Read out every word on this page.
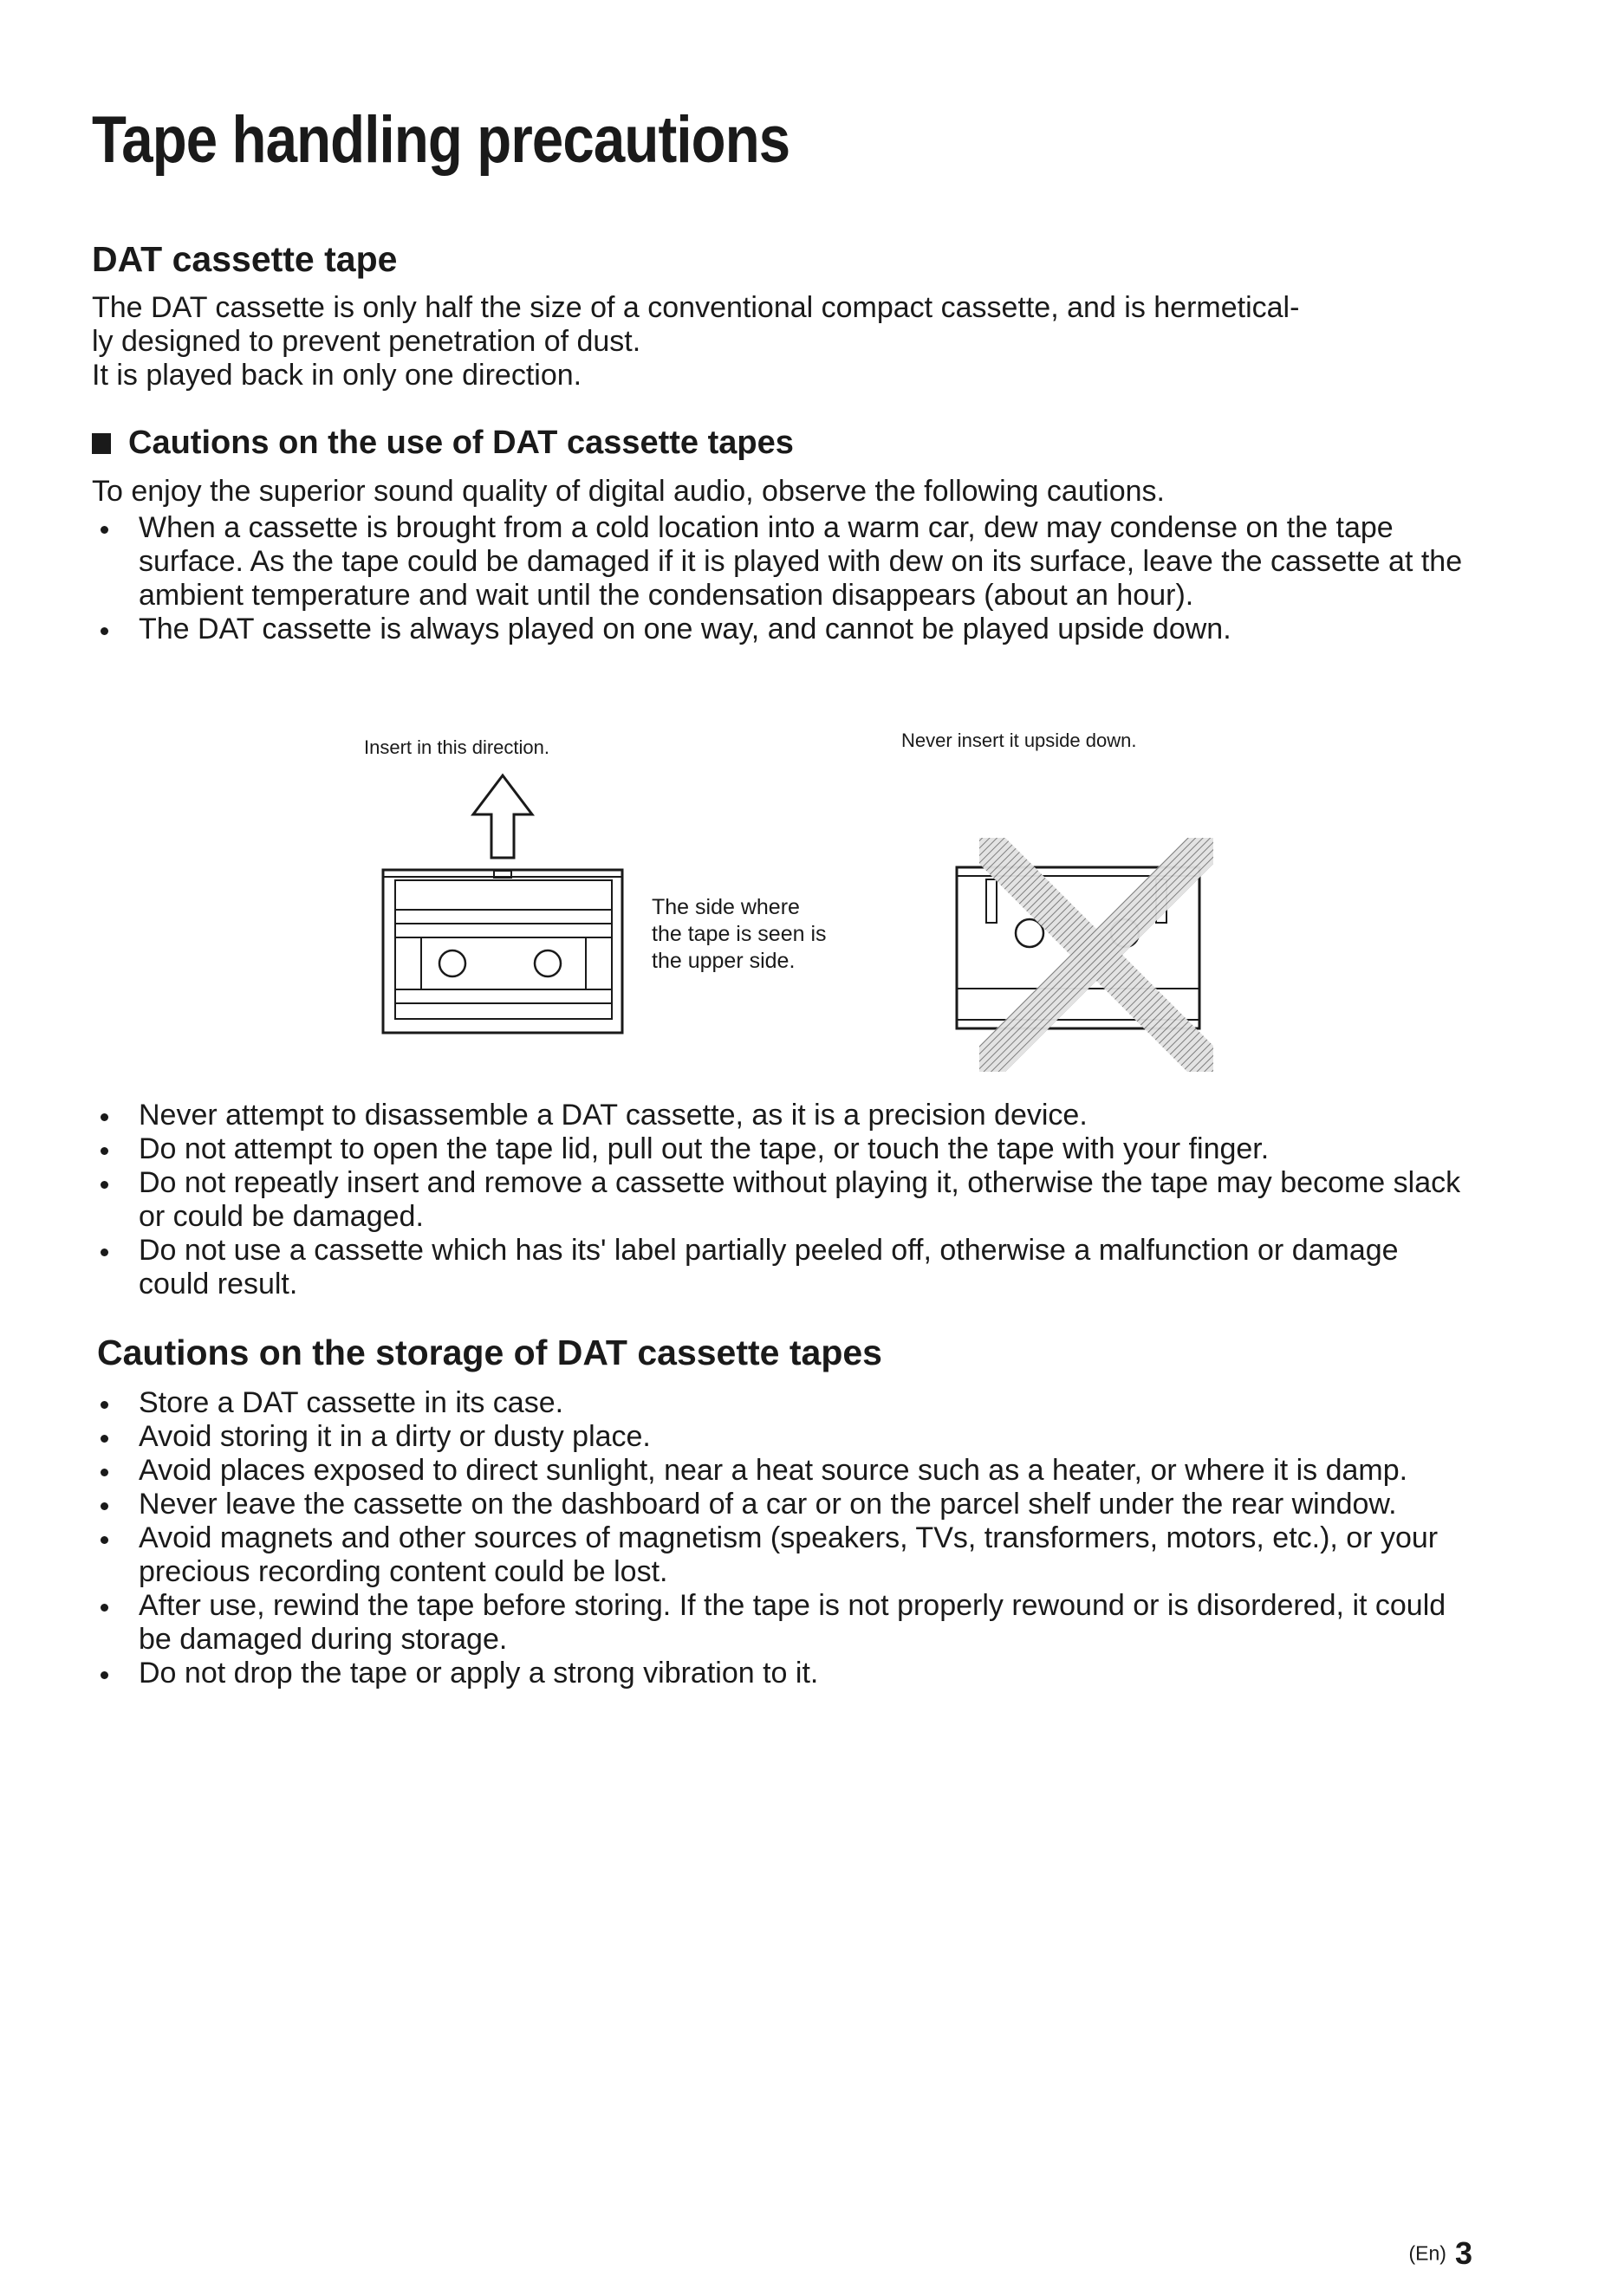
Tape handling precautions
DAT cassette tape

The DAT cassette is only half the size of a conventional compact cassette, and is hermetical-

ly designed to prevent penetration of dust.

It is played back in only one direction.

Cautions on the use of DAT cassette tapes
To enjoy the superior sound quality of digital audio, observe the following cautions.
When a cassette is brought from a cold location into a warm car, dew may condense on the tape surface. As the tape could be damaged if it is played with dew on its surface, leave the cassette at the ambient temperature and wait until the condensation disappears (about an hour).
The DAT cassette is always played on one way, and cannot be played upside down.
Insert in this direction.	Never insert it upside down.

The side where

the tape is seen is

the upper side.

Never attempt to disassemble a DAT cassette, as it is a precision device.
Do not attempt to open the tape lid, pull out the tape, or touch the tape with your finger.
Do not repeatly insert and remove a cassette without playing it, otherwise the tape may become slack or could be damaged.
Do not use a cassette which has its' label partially peeled off, otherwise a malfunction or damage could result.
Cautions on the storage of DAT cassette tapes
Store a DAT cassette in its case.
Avoid storing it in a dirty or dusty place.
Avoid places exposed to direct sunlight, near a heat source such as a heater, or where it is damp.
Never leave the cassette on the dashboard of a car or on the parcel shelf under the rear window.
Avoid magnets and other sources of magnetism (speakers, TVs, transformers, motors, etc.), or your precious recording content could be lost.
After use, rewind the tape before storing. If the tape is not properly rewound or is disordered, it could be damaged during storage.
Do not drop the tape or apply a strong vibration to it.
(En) 3
